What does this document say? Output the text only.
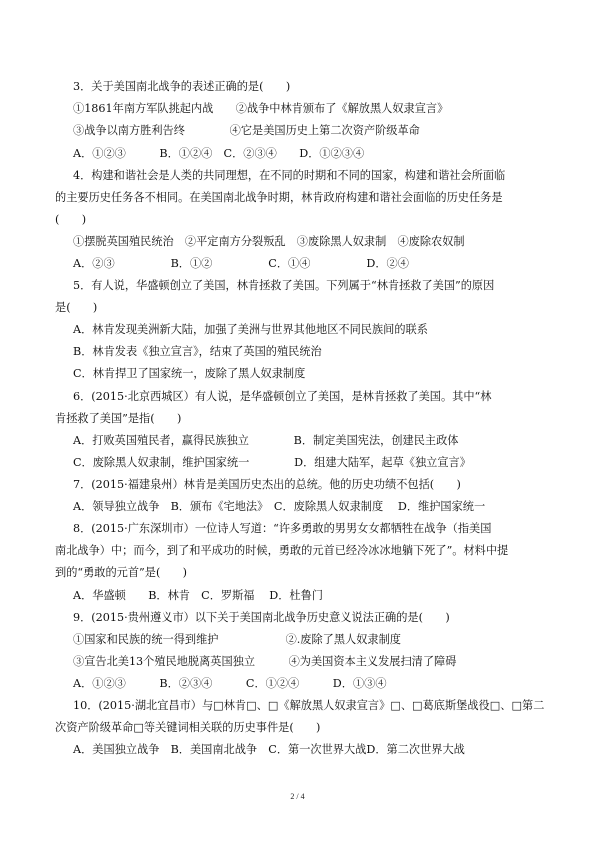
3．关于美国南北战争的表述正确的是(　　)

①1861年南方军队挑起内战　　②战争中林肯颁布了《解放黑人奴隶宣言》

③战争以南方胜利告终　　　　④它是美国历史上第二次资产阶级革命

A．①②③　　　B．①②④　C．②③④　　D．①②③④

4．构建和谐社会是人类的共同理想，在不同的时期和不同的国家，构建和谐社会所面临

的主要历史任务各不相同。在美国南北战争时期，林肯政府构建和谐社会面临的历史任务是

(　　)

①摆脱英国殖民统治　②平定南方分裂叛乱　③废除黑人奴隶制　④废除农奴制

A．②③　　　　　B．①②　　　　　C．①④　　　　　D．②④

5．有人说，华盛顿创立了美国，林肯拯救了美国。下列属于“林肯拯救了美国”的原因

是(　　)

A．林肯发现美洲新大陆，加强了美洲与世界其他地区不同民族间的联系

B．林肯发表《独立宣言》，结束了英国的殖民统治

C．林肯捍卫了国家统一，废除了黑人奴隶制度

6．(2015·北京西城区）有人说，是华盛顿创立了美国，是林肯拯救了美国。其中“林

肯拯救了美国”是指(　　)

A．打败英国殖民者，赢得民族独立　　　　B．制定美国宪法，创建民主政体

C．废除黑人奴隶制，维护国家统一　　　　D．组建大陆军，起草《独立宣言》

7．(2015·福建泉州）林肯是美国历史杰出的总统。他的历史功绩不包括(　　)

A．领导独立战争　B．颁布《宅地法》　C．废除黑人奴隶制度　 D．维护国家统一

8．(2015·广东深圳市）一位诗人写道：“许多勇敢的男男女女都牺牲在战争（指美国

南北战争）中；而今，到了和平成功的时候，勇敢的元首已经冷冰冰地躺下死了”。材料中提

到的“勇敢的元首”是(　　)

A．华盛顿　　B．林肯　C．罗斯福　 D．杜鲁门

9．(2015·贵州遵义市）以下关于美国南北战争历史意义说法正确的是(　　)

①国家和民族的统一得到维护　　　　　　②.废除了黑人奴隶制度

③宣告北美13个殖民地脱离英国独立　　　④为美国资本主义发展扫清了障碍

A．①②③　　　B．②③④　　　C．①②④　　　D．①③④

10．(2015·湖北宜昌市）与□林肯□、□《解放黑人奴隶宣言》□、□葛底斯堡战役□、□第二

次资产阶级革命□等关键词相关联的历史事件是(　　)

A．美国独立战争　B．美国南北战争　C．第一次世界大战D．第二次世界大战

2 / 4
